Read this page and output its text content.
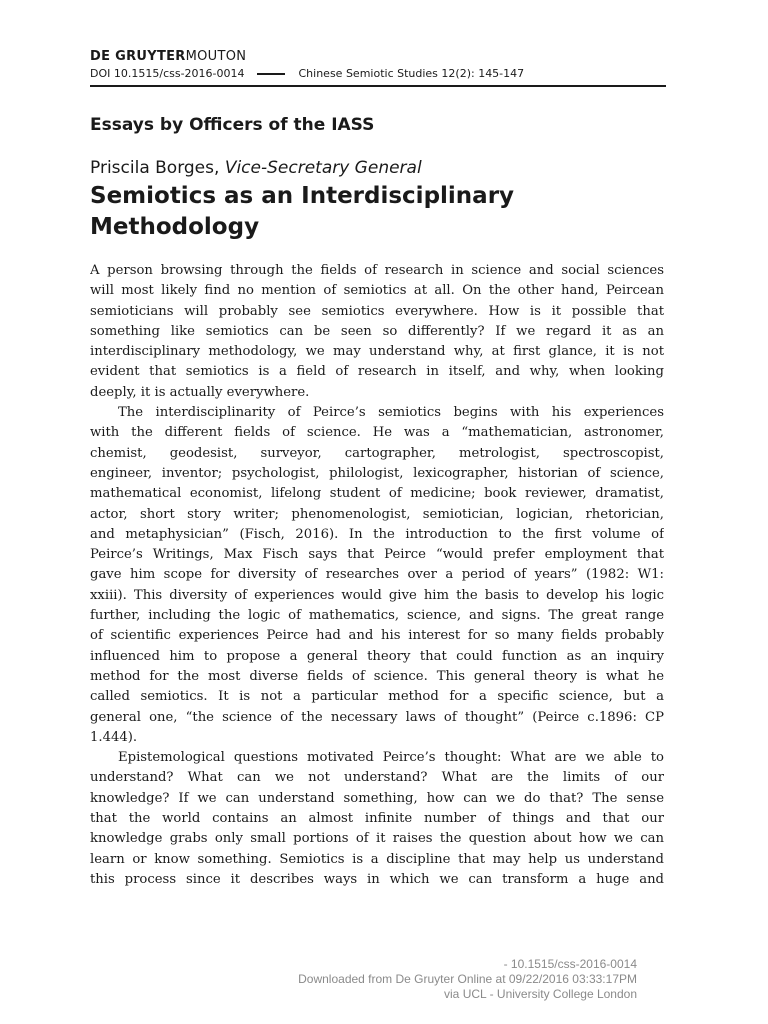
DE GRUYTERMOUTON
DOI 10.1515/css-2016-0014	Chinese Semiotic Studies 12(2): 145-147
Essays by Officers of the IASS
Priscila Borges, Vice-Secretary General
Semiotics as an Interdisciplinary
Methodology
A person browsing through the fields of research in science and social sciences
will most likely find no mention of semiotics at all. On the other hand, Peircean
semioticians will probably see semiotics everywhere. How is it possible that
something like semiotics can be seen so differently? If we regard it as an
interdisciplinary methodology, we may understand why, at first glance, it is not
evident that semiotics is a field of research in itself, and why, when looking
deeply, it is actually everywhere.
The interdisciplinarity of Peirce’s semiotics begins with his experiences
with the different fields of science. He was a “mathematician, astronomer,
chemist, geodesist, surveyor, cartographer, metrologist, spectroscopist,
engineer, inventor; psychologist, philologist, lexicographer, historian of science,
mathematical economist, lifelong student of medicine; book reviewer, dramatist,
actor, short story writer; phenomenologist, semiotician, logician, rhetorician,
and metaphysician” (Fisch, 2016). In the introduction to the first volume of
Peirce’s Writings, Max Fisch says that Peirce “would prefer employment that
gave him scope for diversity of researches over a period of years” (1982: W1:
xxiii). This diversity of experiences would give him the basis to develop his logic
further, including the logic of mathematics, science, and signs. The great range
of scientific experiences Peirce had and his interest for so many fields probably
influenced him to propose a general theory that could function as an inquiry
method for the most diverse fields of science. This general theory is what he
called semiotics. It is not a particular method for a specific science, but a
general one, “the science of the necessary laws of thought” (Peirce c.1896: CP
1.444).
Epistemological questions motivated Peirce’s thought: What are we able to
understand? What can we not understand? What are the limits of our
knowledge? If we can understand something, how can we do that? The sense
that the world contains an almost infinite number of things and that our
knowledge grabs only small portions of it raises the question about how we can
learn or know something. Semiotics is a discipline that may help us understand
this process since it describes ways in which we can transform a huge and
- 10.1515/css-2016-0014
Downloaded from De Gruyter Online at 09/22/2016 03:33:17PM
via UCL - University College London
